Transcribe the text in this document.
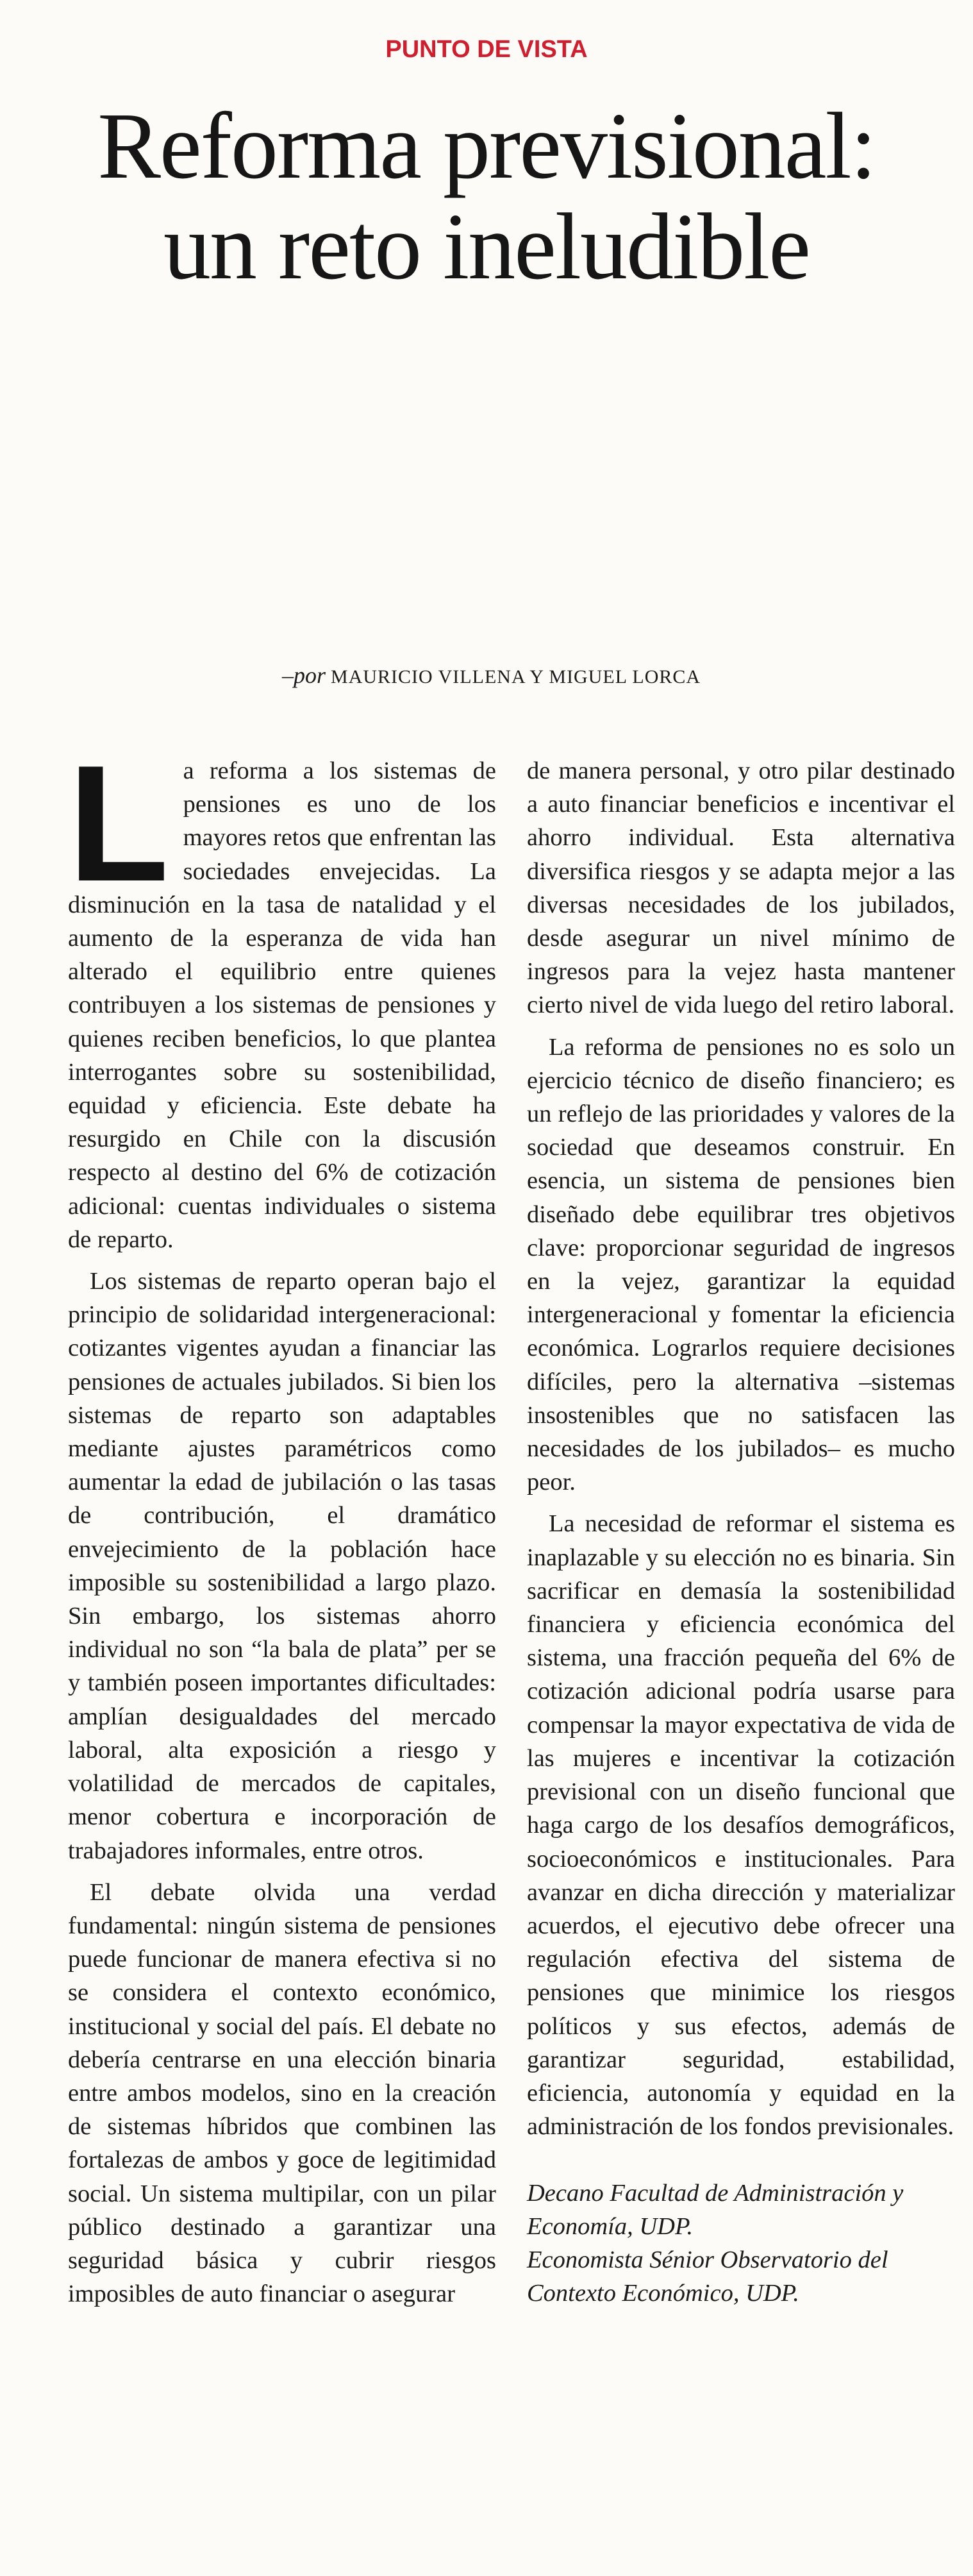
PUNTO DE VISTA
Reforma previsional: un reto ineludible
–por MAURICIO VILLENA Y MIGUEL LORCA

La reforma a los sistemas de pensiones es uno de los mayores retos que enfrentan las sociedades envejecidas. La disminución en la tasa de natalidad y el aumento de la esperanza de vida han alterado el equilibrio entre quienes contribuyen a los sistemas de pensiones y quienes reciben beneficios, lo que plantea interrogantes sobre su sostenibilidad, equidad y eficiencia. Este debate ha resurgido en Chile con la discusión respecto al destino del 6% de cotización adicional: cuentas individuales o sistema de reparto.

Los sistemas de reparto operan bajo el principio de solidaridad intergeneracional: cotizantes vigentes ayudan a financiar las pensiones de actuales jubilados. Si bien los sistemas de reparto son adaptables mediante ajustes paramétricos como aumentar la edad de jubilación o las tasas de contribución, el dramático envejecimiento de la población hace imposible su sostenibilidad a largo plazo. Sin embargo, los sistemas ahorro individual no son “la bala de plata” per se y también poseen importantes dificultades: amplían desigualdades del mercado laboral, alta exposición a riesgo y volatilidad de mercados de capitales, menor cobertura e incorporación de trabajadores informales, entre otros.

El debate olvida una verdad fundamental: ningún sistema de pensiones puede funcionar de manera efectiva si no se considera el contexto económico, institucional y social del país. El debate no debería centrarse en una elección binaria entre ambos modelos, sino en la creación de sistemas híbridos que combinen las fortalezas de ambos y goce de legitimidad social. Un sistema multipilar, con un pilar público destinado a garantizar una seguridad básica y cubrir riesgos imposibles de auto financiar o asegurar

de manera personal, y otro pilar destinado a auto financiar beneficios e incentivar el ahorro individual. Esta alternativa diversifica riesgos y se adapta mejor a las diversas necesidades de los jubilados, desde asegurar un nivel mínimo de ingresos para la vejez hasta mantener cierto nivel de vida luego del retiro laboral.

La reforma de pensiones no es solo un ejercicio técnico de diseño financiero; es un reflejo de las prioridades y valores de la sociedad que deseamos construir. En esencia, un sistema de pensiones bien diseñado debe equilibrar tres objetivos clave: proporcionar seguridad de ingresos en la vejez, garantizar la equidad intergeneracional y fomentar la eficiencia económica. Lograrlos requiere decisiones difíciles, pero la alternativa –sistemas insostenibles que no satisfacen las necesidades de los jubilados– es mucho peor.

La necesidad de reformar el sistema es inaplazable y su elección no es binaria. Sin sacrificar en demasía la sostenibilidad financiera y eficiencia económica del sistema, una fracción pequeña del 6% de cotización adicional podría usarse para compensar la mayor expectativa de vida de las mujeres e incentivar la cotización previsional con un diseño funcional que haga cargo de los desafíos demográficos, socioeconómicos e institucionales. Para avanzar en dicha dirección y materializar acuerdos, el ejecutivo debe ofrecer una regulación efectiva del sistema de pensiones que minimice los riesgos políticos y sus efectos, además de garantizar seguridad, estabilidad, eficiencia, autonomía y equidad en la administración de los fondos previsionales.

Decano Facultad de Administración y Economía, UDP.

Economista Sénior Observatorio del Contexto Económico, UDP.
